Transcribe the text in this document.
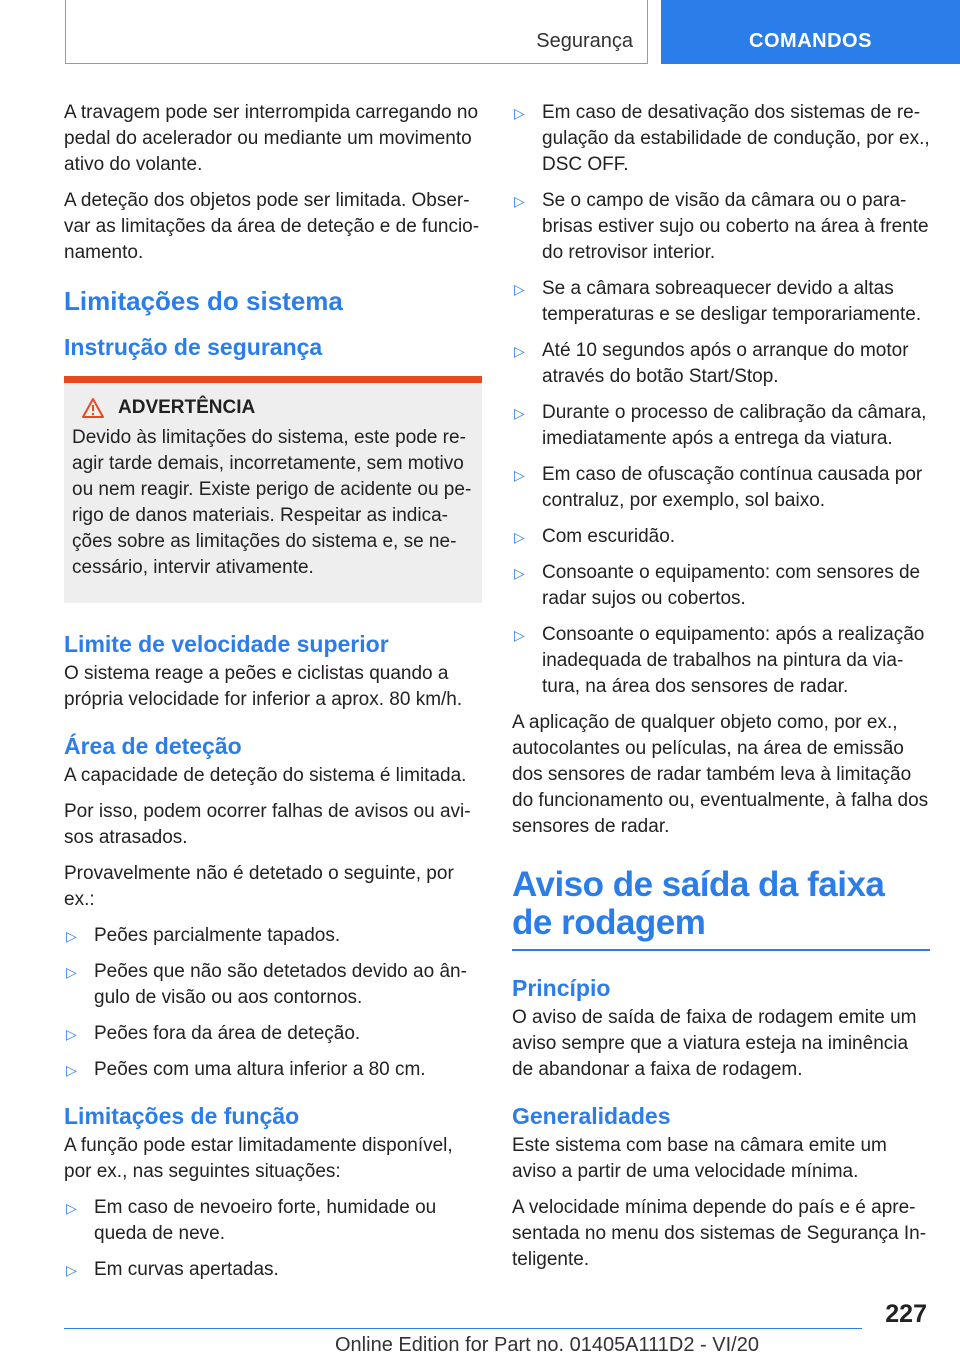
Segurança	COMANDOS

A travagem pode ser interrompida carregando no pedal do acelerador ou mediante um movimento ativo do volante.

A deteção dos objetos pode ser limitada. Observar as limitações da área de deteção e de funcionamento.

Limitações do sistema
Instrução de segurança
ADVERTÊNCIA

Devido às limitações do sistema, este pode reagir tarde demais, incorretamente, sem motivo ou nem reagir. Existe perigo de acidente ou perigo de danos materiais. Respeitar as indicações sobre as limitações do sistema e, se necessário, intervir ativamente.

Limite de velocidade superior

O sistema reage a peões e ciclistas quando a própria velocidade for inferior a aprox. 80 km/h.

Área de deteção

A capacidade de deteção do sistema é limitada.

Por isso, podem ocorrer falhas de avisos ou avisos atrasados.

Provavelmente não é detetado o seguinte, por ex.:

▷ Peões parcialmente tapados.
▷ Peões que não são detetados devido ao ângulo de visão ou aos contornos.
▷ Peões fora da área de deteção.
▷ Peões com uma altura inferior a 80 cm.
Limitações de função

A função pode estar limitadamente disponível, por ex., nas seguintes situações:

▷ Em caso de nevoeiro forte, humidade ou queda de neve.
▷ Em curvas apertadas.
▷ Em caso de desativação dos sistemas de regulação da estabilidade de condução, por ex., DSC OFF.
▷ Se o campo de visão da câmara ou o para-brisas estiver sujo ou coberto na área à frente do retrovisor interior.
▷ Se a câmara sobreaquecer devido a altas temperaturas e se desligar temporariamente.
▷ Até 10 segundos após o arranque do motor através do botão Start/Stop.
▷ Durante o processo de calibração da câmara, imediatamente após a entrega da viatura.
▷ Em caso de ofuscação contínua causada por contraluz, por exemplo, sol baixo.
▷ Com escuridão.
▷ Consoante o equipamento: com sensores de radar sujos ou cobertos.
▷ Consoante o equipamento: após a realização inadequada de trabalhos na pintura da viatura, na área dos sensores de radar.

A aplicação de qualquer objeto como, por ex., autocolantes ou películas, na área de emissão dos sensores de radar também leva à limitação do funcionamento ou, eventualmente, à falha dos sensores de radar.

Aviso de saída da faixa de rodagem
Princípio

O aviso de saída de faixa de rodagem emite um aviso sempre que a viatura esteja na iminência de abandonar a faixa de rodagem.

Generalidades

Este sistema com base na câmara emite um aviso a partir de uma velocidade mínima.

A velocidade mínima depende do país e é apresentada no menu dos sistemas de Segurança Inteligente.

227
Online Edition for Part no. 01405A111D2 - VI/20
